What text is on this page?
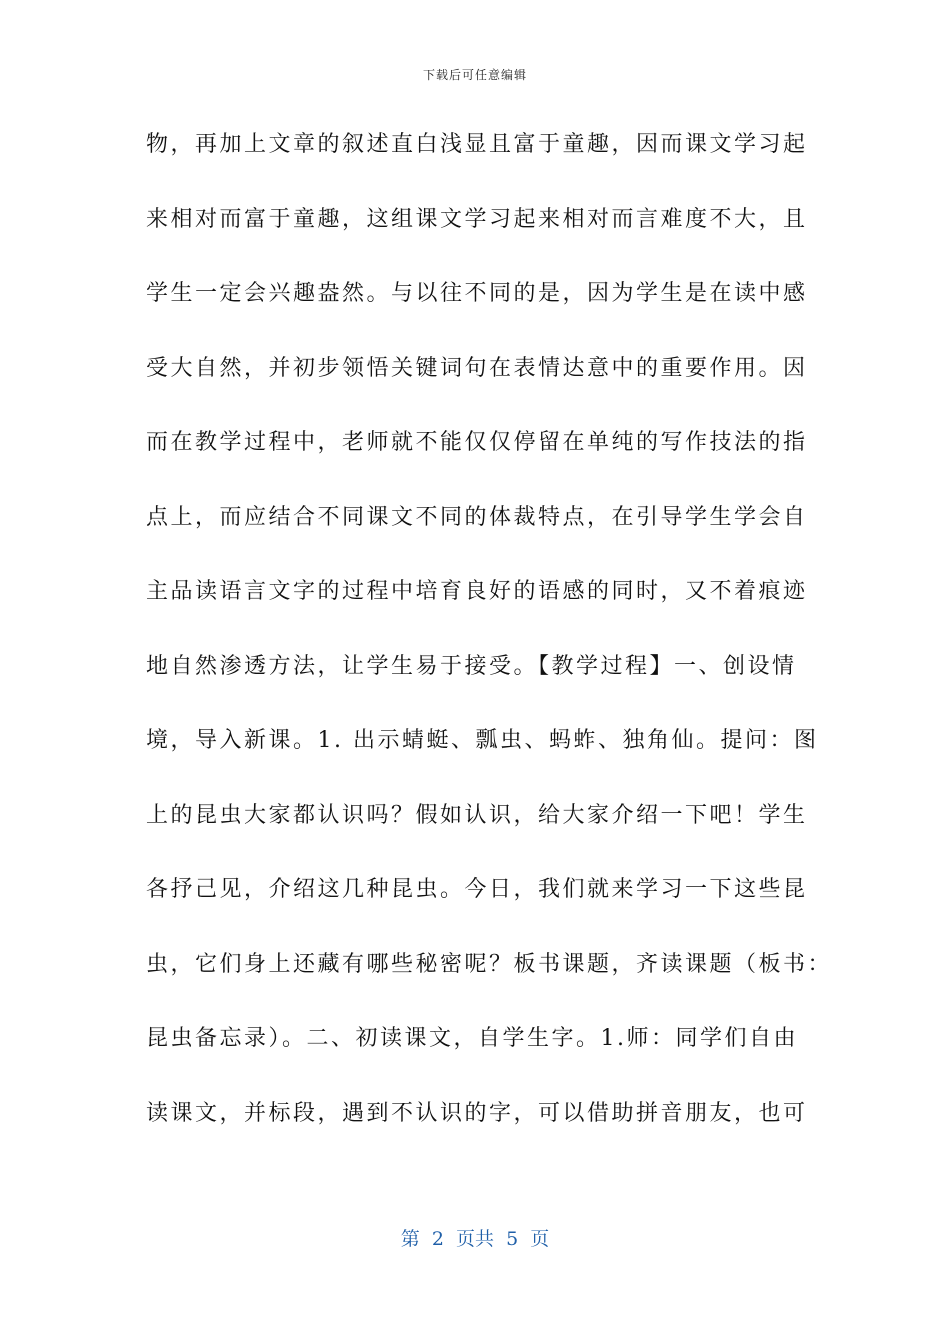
下载后可任意编辑
物，再加上文章的叙述直白浅显且富于童趣，因而课文学习起
来相对而富于童趣，这组课文学习起来相对而言难度不大，且
学生一定会兴趣盎然。与以往不同的是，因为学生是在读中感
受大自然，并初步领悟关键词句在表情达意中的重要作用。因
而在教学过程中，老师就不能仅仅停留在单纯的写作技法的指
点上，而应结合不同课文不同的体裁特点，在引导学生学会自
主品读语言文字的过程中培育良好的语感的同时，又不着痕迹
地自然渗透方法，让学生易于接受。【教学过程】一、创设情
境，导入新课。1. 出示蜻蜓、瓢虫、蚂蚱、独角仙。提问：图
上的昆虫大家都认识吗？假如认识，给大家介绍一下吧！学生
各抒己见，介绍这几种昆虫。今日，我们就来学习一下这些昆
虫，它们身上还藏有哪些秘密呢？板书课题，齐读课题（板书：
昆虫备忘录）。二、初读课文，自学生字。1.师：同学们自由
读课文，并标段，遇到不认识的字，可以借助拼音朋友，也可
第  2  页共  5  页
